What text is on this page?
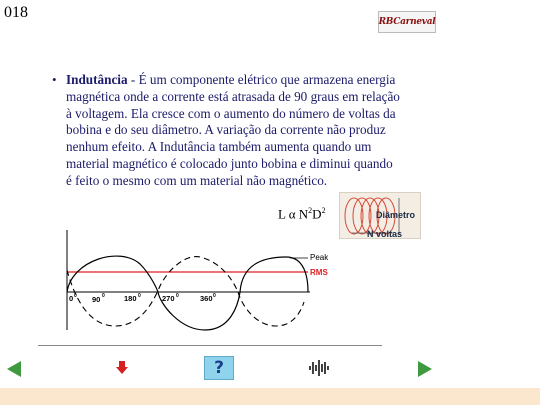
018
RBCarneval
• Indutância - É um componente elétrico que armazena energia magnética onde a corrente está atrasada de 90 graus em relação à voltagem. Ela cresce com o aumento do número de voltas da bobina e do seu diâmetro. A variação da corrente não produz nenhum efeito. A Indutância também aumenta quando um material magnético é colocado junto bobina e diminui quando é feito o mesmo com um material não magnético.
L α $N^2D^2$	Diâmetro
N voltas
0	90	180	270	360
0	0	0	0	0
Peak
RMS
?
